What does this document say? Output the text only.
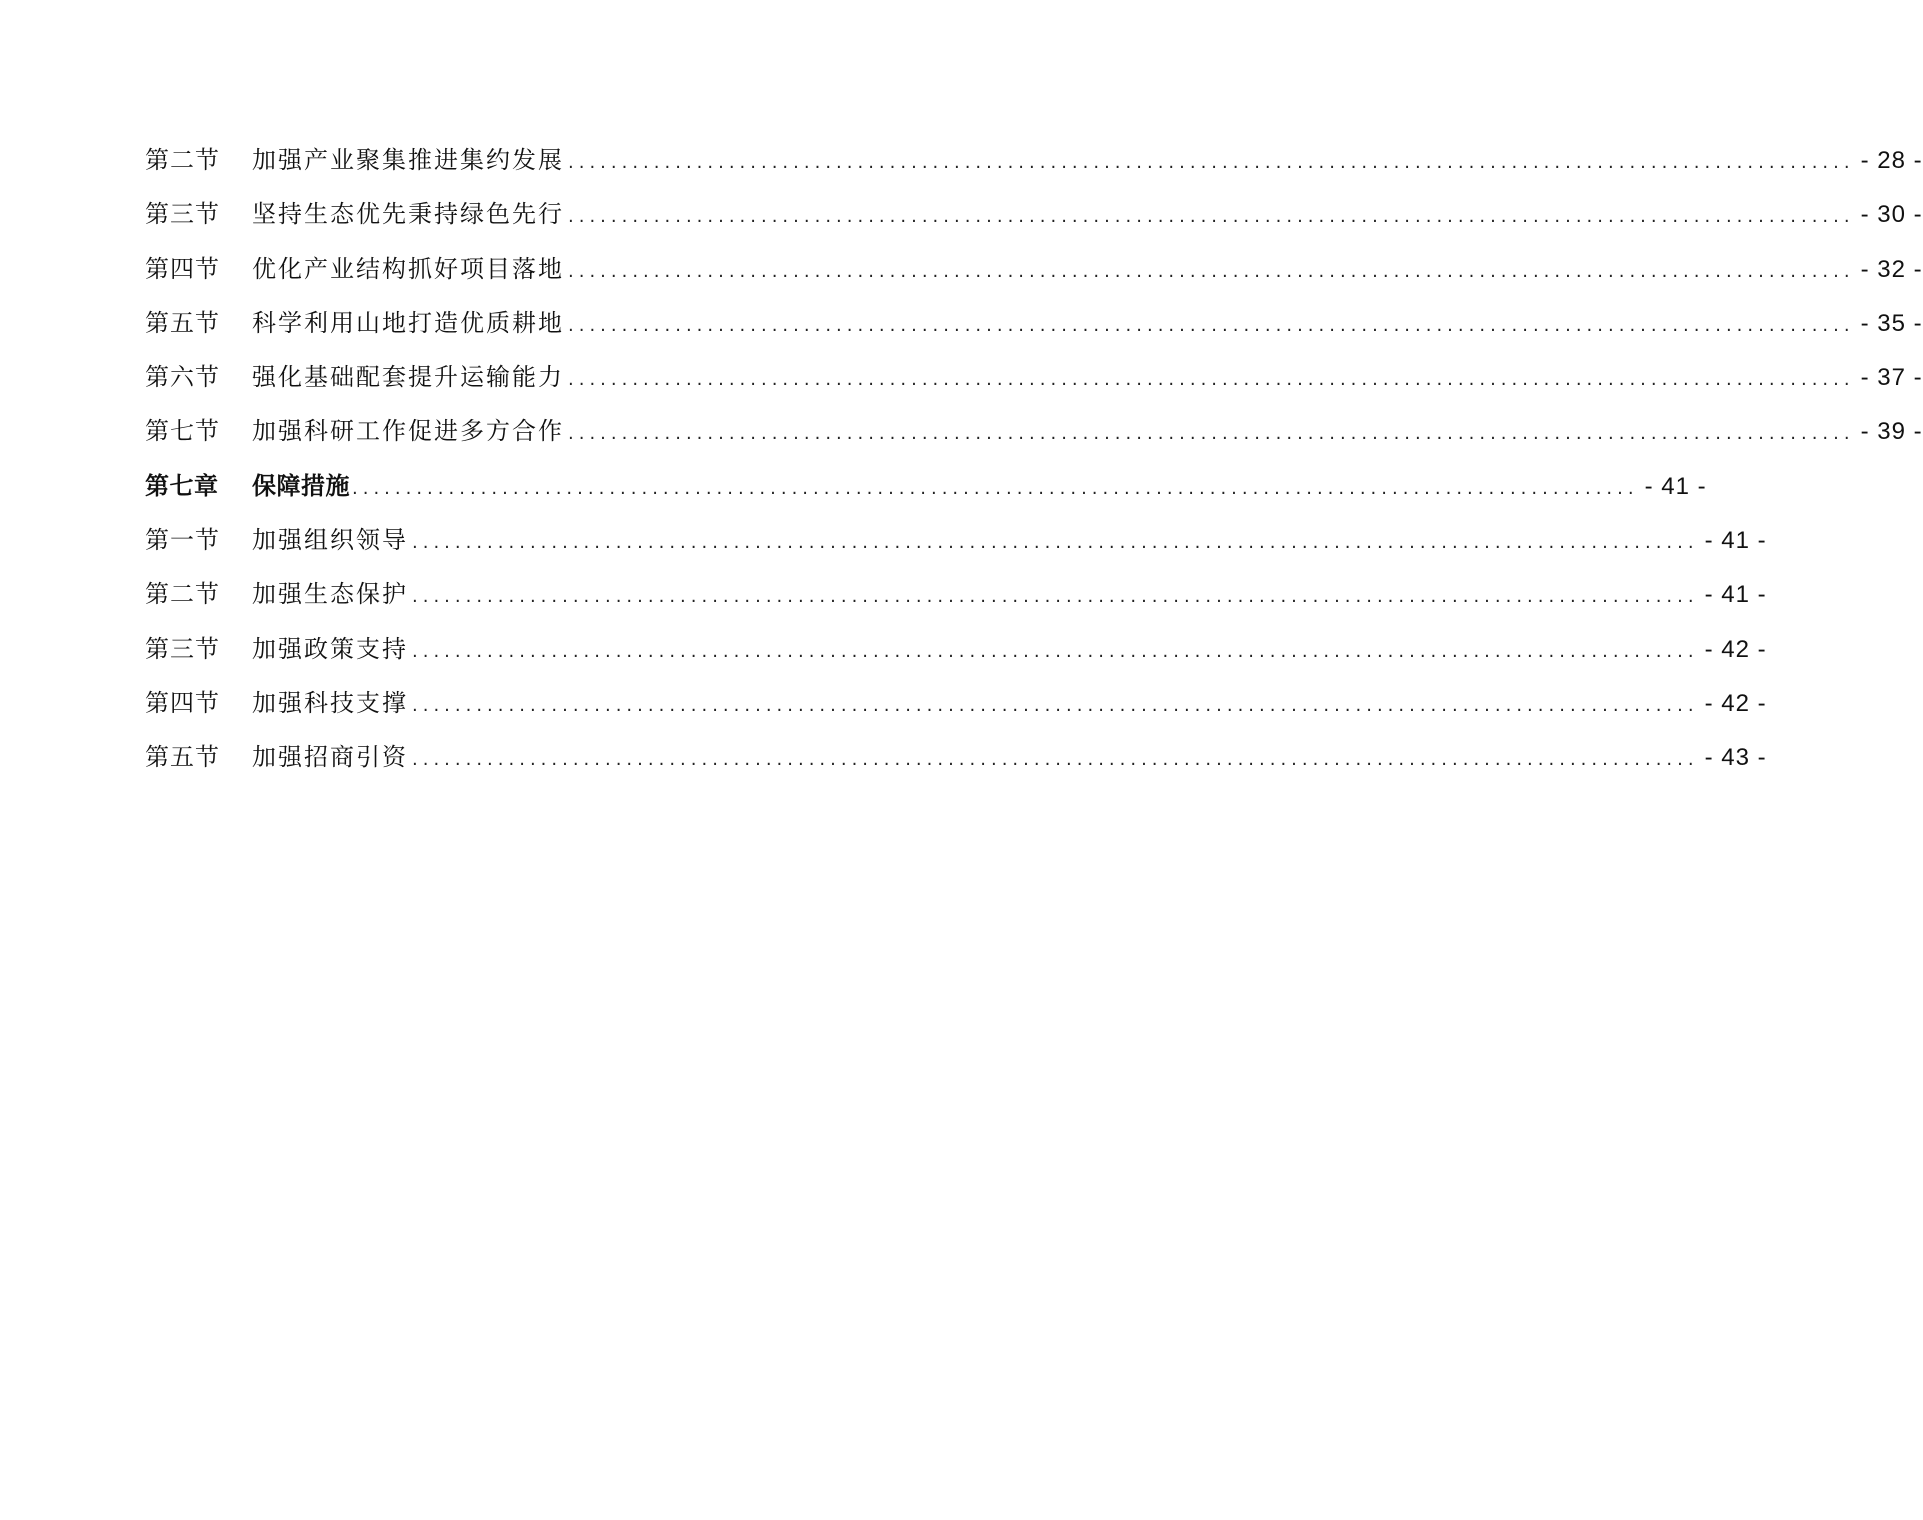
第二节	加强产业聚集推进集约发展 ........................................................................................................................ - 28 -
第三节	坚持生态优先秉持绿色先行 ........................................................................................................................ - 30 -
第四节	优化产业结构抓好项目落地 ........................................................................................................................ - 32 -
第五节	科学利用山地打造优质耕地 ........................................................................................................................ - 35 -
第六节	强化基础配套提升运输能力 ........................................................................................................................ - 37 -
第七节	加强科研工作促进多方合作 ........................................................................................................................ - 39 -
第七章	保障措施 ........................................................................................................................ - 41 -
第一节	加强组织领导 ........................................................................................................................ - 41 -
第二节	加强生态保护 ........................................................................................................................ - 41 -
第三节	加强政策支持 ........................................................................................................................ - 42 -
第四节	加强科技支撑 ........................................................................................................................ - 42 -
第五节	加强招商引资 ........................................................................................................................ - 43 -
